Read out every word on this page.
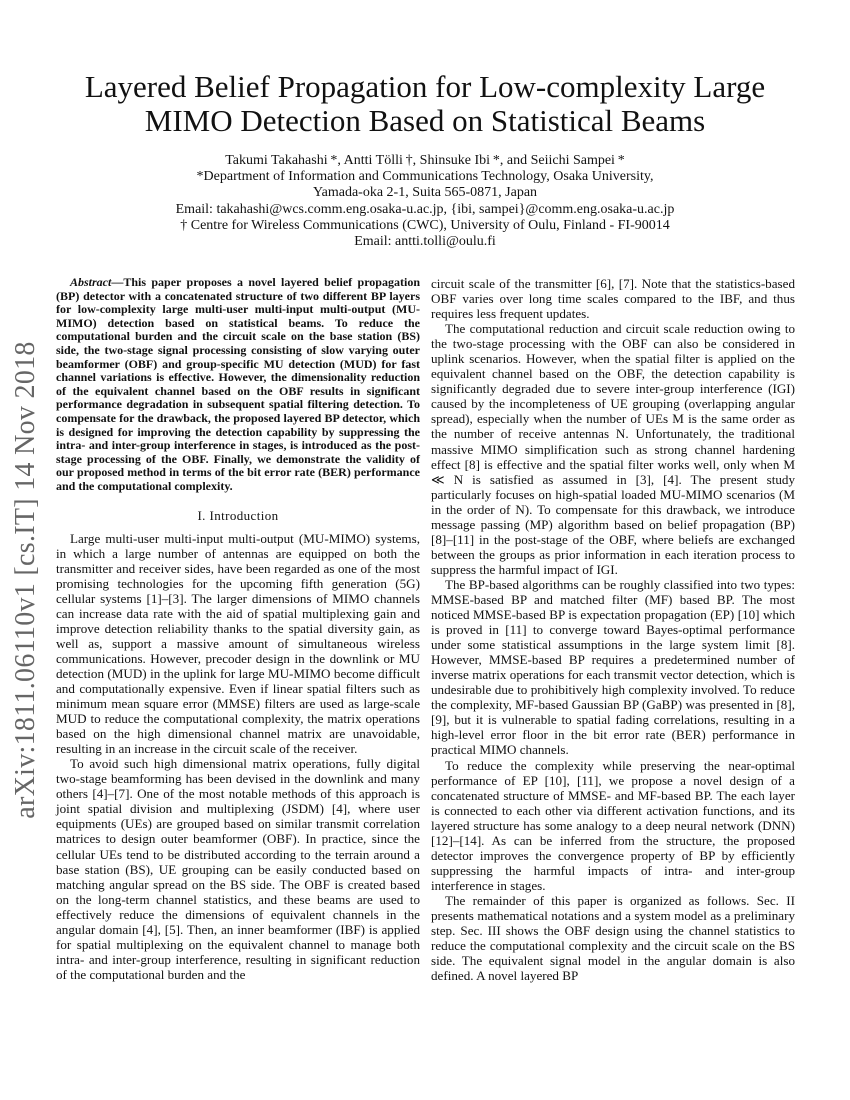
arXiv:1811.06110v1 [cs.IT] 14 Nov 2018
Layered Belief Propagation for Low-complexity Large MIMO Detection Based on Statistical Beams
Takumi Takahashi *, Antti Tölli †, Shinsuke Ibi *, and Seiichi Sampei *
*Department of Information and Communications Technology, Osaka University,
Yamada-oka 2-1, Suita 565-0871, Japan
Email: takahashi@wcs.comm.eng.osaka-u.ac.jp, {ibi, sampei}@comm.eng.osaka-u.ac.jp
† Centre for Wireless Communications (CWC), University of Oulu, Finland - FI-90014
Email: antti.tolli@oulu.fi

Abstract—This paper proposes a novel layered belief propagation (BP) detector with a concatenated structure of two different BP layers for low-complexity large multi-user multi-input multi-output (MU-MIMO) detection based on statistical beams. To reduce the computational burden and the circuit scale on the base station (BS) side, the two-stage signal processing consisting of slow varying outer beamformer (OBF) and group-specific MU detection (MUD) for fast channel variations is effective. However, the dimensionality reduction of the equivalent channel based on the OBF results in significant performance degradation in subsequent spatial filtering detection. To compensate for the drawback, the proposed layered BP detector, which is designed for improving the detection capability by suppressing the intra- and inter-group interference in stages, is introduced as the post-stage processing of the OBF. Finally, we demonstrate the validity of our proposed method in terms of the bit error rate (BER) performance and the computational complexity.

I. Introduction

Large multi-user multi-input multi-output (MU-MIMO) systems, in which a large number of antennas are equipped on both the transmitter and receiver sides, have been regarded as one of the most promising technologies for the upcoming fifth generation (5G) cellular systems [1]–[3]. The larger dimensions of MIMO channels can increase data rate with the aid of spatial multiplexing gain and improve detection reliability thanks to the spatial diversity gain, as well as, support a massive amount of simultaneous wireless communications. However, precoder design in the downlink or MU detection (MUD) in the uplink for large MU-MIMO become difficult and computationally expensive. Even if linear spatial filters such as minimum mean square error (MMSE) filters are used as large-scale MUD to reduce the computational complexity, the matrix operations based on the high dimensional channel matrix are unavoidable, resulting in an increase in the circuit scale of the receiver.

To avoid such high dimensional matrix operations, fully digital two-stage beamforming has been devised in the downlink and many others [4]–[7]. One of the most notable methods of this approach is joint spatial division and multiplexing (JSDM) [4], where user equipments (UEs) are grouped based on similar transmit correlation matrices to design outer beamformer (OBF). In practice, since the cellular UEs tend to be distributed according to the terrain around a base station (BS), UE grouping can be easily conducted based on matching angular spread on the BS side. The OBF is created based on the long-term channel statistics, and these beams are used to effectively reduce the dimensions of equivalent channels in the angular domain [4], [5]. Then, an inner beamformer (IBF) is applied for spatial multiplexing on the equivalent channel to manage both intra- and inter-group interference, resulting in significant reduction of the computational burden and the

circuit scale of the transmitter [6], [7]. Note that the statistics-based OBF varies over long time scales compared to the IBF, and thus requires less frequent updates.

The computational reduction and circuit scale reduction owing to the two-stage processing with the OBF can also be considered in uplink scenarios. However, when the spatial filter is applied on the equivalent channel based on the OBF, the detection capability is significantly degraded due to severe inter-group interference (IGI) caused by the incompleteness of UE grouping (overlapping angular spread), especially when the number of UEs M is the same order as the number of receive antennas N. Unfortunately, the traditional massive MIMO simplification such as strong channel hardening effect [8] is effective and the spatial filter works well, only when M ≪ N is satisfied as assumed in [3], [4]. The present study particularly focuses on high-spatial loaded MU-MIMO scenarios (M in the order of N). To compensate for this drawback, we introduce message passing (MP) algorithm based on belief propagation (BP) [8]–[11] in the post-stage of the OBF, where beliefs are exchanged between the groups as prior information in each iteration process to suppress the harmful impact of IGI.

The BP-based algorithms can be roughly classified into two types: MMSE-based BP and matched filter (MF) based BP. The most noticed MMSE-based BP is expectation propagation (EP) [10] which is proved in [11] to converge toward Bayes-optimal performance under some statistical assumptions in the large system limit [8]. However, MMSE-based BP requires a predetermined number of inverse matrix operations for each transmit vector detection, which is undesirable due to prohibitively high complexity involved. To reduce the complexity, MF-based Gaussian BP (GaBP) was presented in [8], [9], but it is vulnerable to spatial fading correlations, resulting in a high-level error floor in the bit error rate (BER) performance in practical MIMO channels.

To reduce the complexity while preserving the near-optimal performance of EP [10], [11], we propose a novel design of a concatenated structure of MMSE- and MF-based BP. The each layer is connected to each other via different activation functions, and its layered structure has some analogy to a deep neural network (DNN) [12]–[14]. As can be inferred from the structure, the proposed detector improves the convergence property of BP by efficiently suppressing the harmful impacts of intra- and inter-group interference in stages.

The remainder of this paper is organized as follows. Sec. II presents mathematical notations and a system model as a preliminary step. Sec. III shows the OBF design using the channel statistics to reduce the computational complexity and the circuit scale on the BS side. The equivalent signal model in the angular domain is also defined. A novel layered BP
